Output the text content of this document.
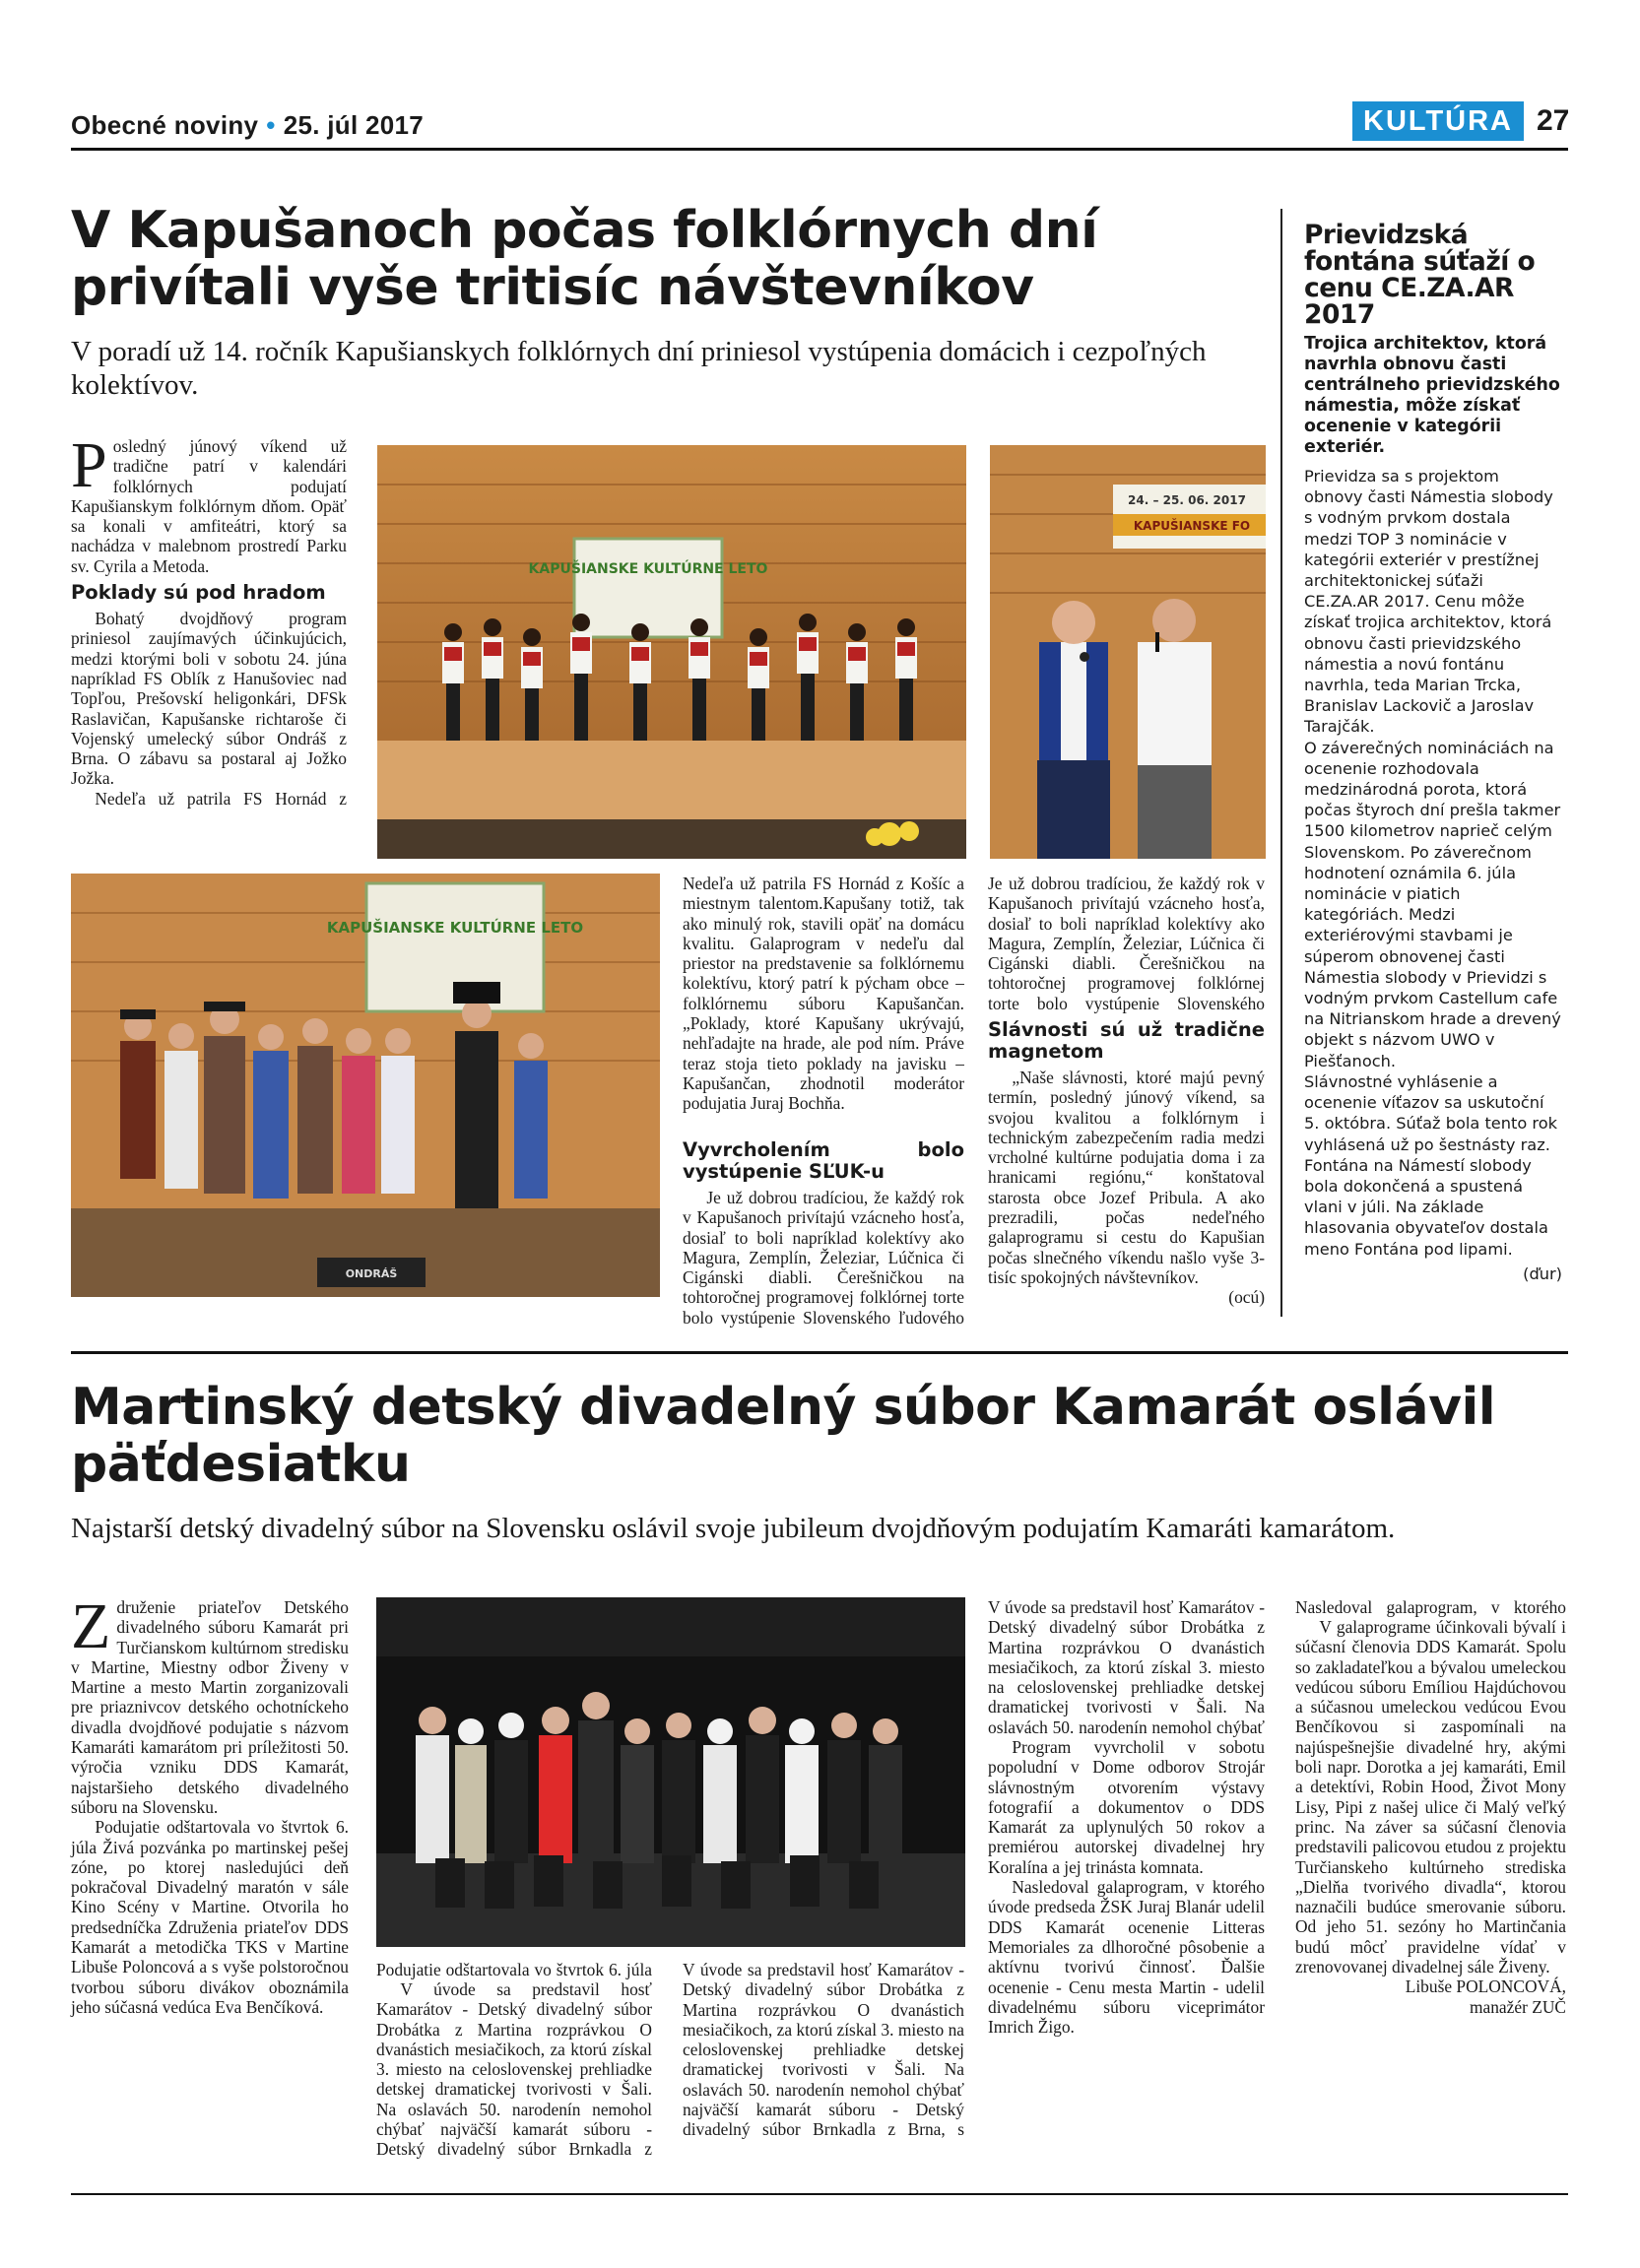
Obecné noviny • 25. júl 2017	KULTÚRA 27
V Kapušanoch počas folklórnych dní privítali vyše tritisíc návštevníkov
V poradí už 14. ročník Kapušianskych folklórnych dní priniesol vystúpenia domácich i cezpoľných kolektívov.
P osledný júnový víkend už tradične patrí v kalendári folklórnych podujatí Kapušianskym folklórnym dňom. Opäť sa konali v amfiteátri, ktorý sa nachádza v malebnom prostredí Parku sv. Cyrila a Metoda.

Poklady sú pod hradom

Bohatý dvojdňový program priniesol zaujímavých účinkujúcich, medzi ktorými boli v sobotu 24. júna napríklad FS Oblík z Hanušoviec nad Topľou, Prešovskí heligonkári, DFSk Raslavičan, Kapušanske richtaroše či Vojenský umelecký súbor Ondráš z Brna. O zábavu sa postaral aj Jožko Jožka.

Nedeľa už patrila FS Hornád z

KAPUŠIANSKE KULTÚRNE LETO
24. – 25. 06. 2017
KAPUŠIANSKE FO
KAPUŠIANSKE KULTÚRNE LETO
ONDRÁŠ

Nedeľa už patrila FS Hornád z Košíc a miestnym talentom.Kapušany totiž, tak ako minulý rok, stavili opäť na domácu kvalitu. Galaprogram v nedeľu dal priestor na predstavenie sa folklórnemu kolektívu, ktorý patrí k pýcham obce – folklórnemu súboru Kapušančan. „Poklady, ktoré Kapušany ukrývajú, nehľadajte na hrade, ale pod ním. Práve teraz stoja tieto poklady na javisku – Kapušančan, zhodnotil moderátor podujatia Juraj Bochňa.

Vyvrcholením bolo vystúpenie SĽUK-u

Je už dobrou tradíciou, že každý rok v Kapušanoch privítajú vzácneho hosťa, dosiaľ to boli napríklad kolektívy ako Magura, Zemplín, Železiar, Lúčnica či Cigánski diabli. Čerešničkou na tohtoročnej programovej folklórnej torte bolo vystúpenie Slovenského ľudového

Je už dobrou tradíciou, že každý rok v Kapušanoch privítajú vzácneho hosťa, dosiaľ to boli napríklad kolektívy ako Magura, Zemplín, Železiar, Lúčnica či Cigánski diabli. Čerešničkou na tohtoročnej programovej folklórnej torte bolo vystúpenie Slovenského

Slávnosti sú už tradične magnetom

„Naše slávnosti, ktoré majú pevný termín, posledný júnový víkend, sa svojou kvalitou a folklórnym i technickým zabezpečením radia medzi vrcholné kultúrne podujatia doma i za hranicami regiónu,“ konštatoval starosta obce Jozef Pribula. A ako prezradili, počas nedeľného galaprogramu si cestu do Kapušian počas slnečného víkendu našlo vyše 3-tisíc spokojných návštevníkov.

(ocú)
Prievidzská fontána súťaží o cenu CE.ZA.AR 2017
Trojica architektov, ktorá navrhla obnovu časti centrálneho prievidzského námestia, môže získať ocenenie v kategórii exteriér.

Prievidza sa s projektom obnovy časti Námestia slobody s vodným prvkom dostala medzi TOP 3 nominácie v kategórii exteriér v prestížnej architektonickej súťaži CE.ZA.AR 2017. Cenu môže získať trojica architektov, ktorá obnovu časti prievidzského námestia a novú fontánu navrhla, teda Marian Trcka, Branislav Lackovič a Jaroslav Tarajčák.

O záverečných nomináciách na ocenenie rozhodovala medzinárodná porota, ktorá počas štyroch dní prešla takmer 1500 kilometrov naprieč celým Slovenskom. Po záverečnom hodnotení oznámila 6. júla nominácie v piatich kategóriách. Medzi exteriérovými stavbami je súperom obnovenej časti Námestia slobody v Prievidzi s vodným prvkom Castellum cafe na Nitrianskom hrade a drevený objekt s názvom UWO v Piešťanoch.

Slávnostné vyhlásenie a ocenenie víťazov sa uskutoční 5. októbra. Súťaž bola tento rok vyhlásená už po šestnásty raz. Fontána na Námestí slobody bola dokončená a spustená vlani v júli. Na základe hlasovania obyvateľov dostala meno Fontána pod lipami.

(ďur)
Martinský detský divadelný súbor Kamarát oslávil päťdesiatku
Najstarší detský divadelný súbor na Slovensku oslávil svoje jubileum dvojdňovým podujatím Kamaráti kamarátom.
Z druženie priateľov Detského divadelného súboru Kamarát pri Turčianskom kultúrnom stredisku v Martine, Miestny odbor Živeny v Martine a mesto Martin zorganizovali pre priaznivcov detského ochotníckeho divadla dvojdňové podujatie s názvom Kamaráti kamarátom pri príležitosti 50. výročia vzniku DDS Kamarát, najstaršieho detského divadelného súboru na Slovensku.

Podujatie odštartovala vo štvrtok 6. júla Živá pozvánka po martinskej pešej zóne, po ktorej nasledujúci deň pokračoval Divadelný maratón v sále Kino Scény v Martine. Otvorila ho predsedníčka Združenia priateľov DDS Kamarát a metodička TKS v Martine Libuše Poloncová a s vyše polstoročnou tvorbou súboru divákov oboznámila jeho súčasná vedúca Eva Benčíková.

Podujatie odštartovala vo štvrtok 6. júla

V úvode sa predstavil hosť Kamarátov - Detský divadelný súbor Drobátka z Martina rozprávkou O dvanástich mesiačikoch, za ktorú získal 3. miesto na celoslovenskej prehliadke detskej dramatickej tvorivosti v Šali. Na oslavách 50. narodenín nemohol chýbať najväčší kamarát súboru - Detský divadelný súbor Brnkadla z

V úvode sa predstavil hosť Kamarátov - Detský divadelný súbor Drobátka z Martina rozprávkou O dvanástich mesiačikoch, za ktorú získal 3. miesto na celoslovenskej prehliadke detskej dramatickej tvorivosti v Šali. Na oslavách 50. narodenín nemohol chýbať najväčší kamarát súboru - Detský divadelný súbor Brnkadla z Brna, s

V úvode sa predstavil hosť Kamarátov - Detský divadelný súbor Drobátka z Martina rozprávkou O dvanástich mesiačikoch, za ktorú získal 3. miesto na celoslovenskej prehliadke detskej dramatickej tvorivosti v Šali. Na oslavách 50. narodenín nemohol chýbať

Program vyvrcholil v sobotu popoludní v Dome odborov Strojár slávnostným otvorením výstavy fotografií a dokumentov o DDS Kamarát za uplynulých 50 rokov a premiérou autorskej divadelnej hry Koralína a jej trinásta komnata.

Nasledoval galaprogram, v ktorého úvode predseda ŽSK Juraj Blanár udelil DDS Kamarát ocenenie Litteras Memoriales za dlhoročné pôsobenie a aktívnu tvorivú činnosť. Ďalšie ocenenie - Cenu mesta Martin - udelil divadelnému súboru viceprimátor Imrich Žigo.

Nasledoval galaprogram, v ktorého

V galaprograme účinkovali bývalí i súčasní členovia DDS Kamarát. Spolu so zakladateľkou a bývalou umeleckou vedúcou súboru Emíliou Hajdúchovou a súčasnou umeleckou vedúcou Evou Benčíkovou si zaspomínali na najúspešnejšie divadelné hry, akými boli napr. Dorotka a jej kamaráti, Emil a detektívi, Robin Hood, Život Mony Lisy, Pipi z našej ulice či Malý veľký princ. Na záver sa súčasní členovia predstavili palicovou etudou z projektu Turčianskeho kultúrneho strediska „Dielňa tvorivého divadla“, ktorou naznačili budúce smerovanie súboru. Od jeho 51. sezóny ho Martinčania budú môcť pravidelne vídať v zrenovovanej divadelnej sále Živeny.

Libuše POLONCOVÁ,
manažér ZUČ
